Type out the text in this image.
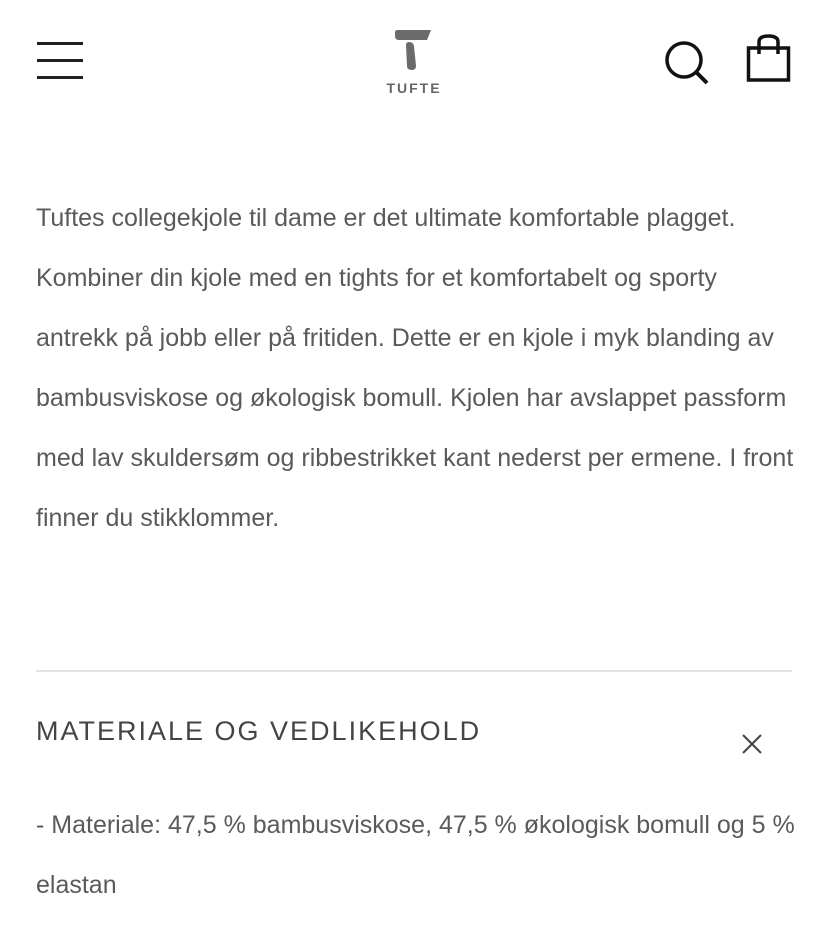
TUFTE

Tuftes collegekjole til dame er det ultimate komfortable plagget. Kombiner din kjole med en tights for et komfortabelt og sporty antrekk på jobb eller på fritiden. Dette er en kjole i myk blanding av bambusviskose og økologisk bomull. Kjolen har avslappet passform med lav skuldersøm og ribbestrikket kant nederst per ermene. I front finner du stikklommer.

MATERIALE OG VEDLIKEHOLD

- Materiale: 47,5 % bambusviskose, 47,5 % økologisk bomull og 5 % elastan
